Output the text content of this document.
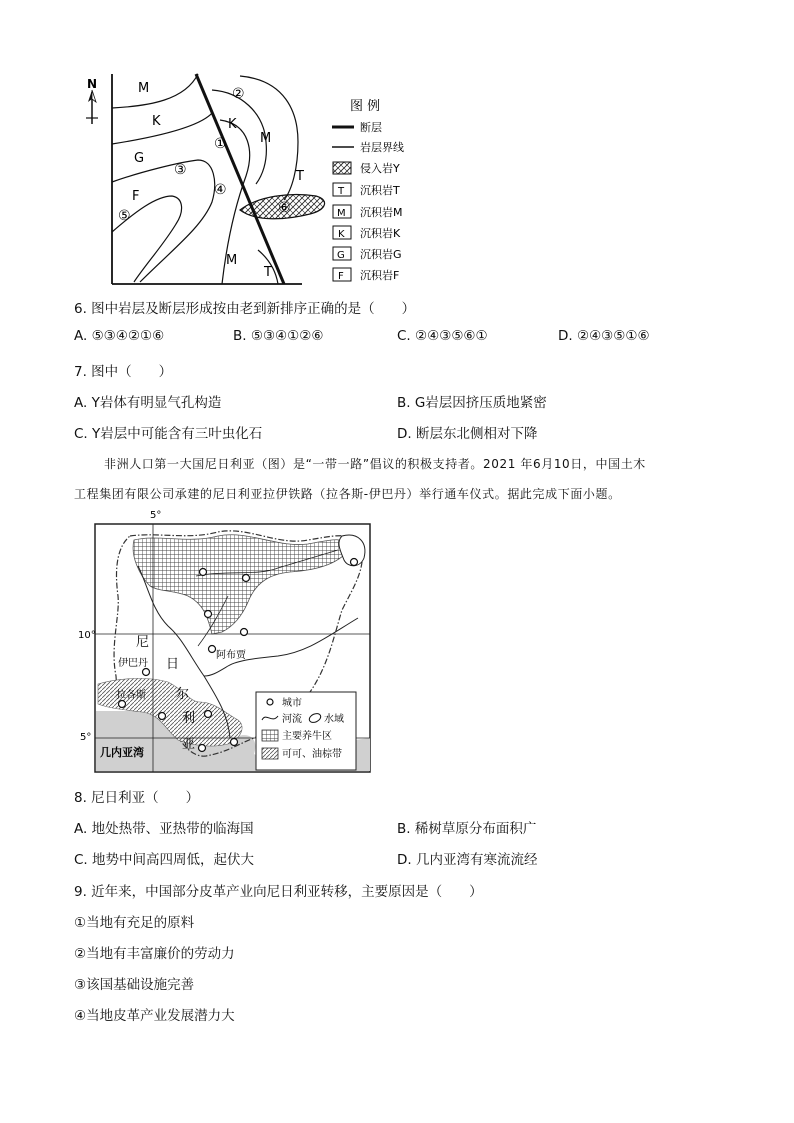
N	M
K
G
F
K
M
T
M
T
②
①
③
④
⑤	⑥
图 例
断层
岩层界线
侵入岩Y
T 沉积岩T
M 沉积岩M
K 沉积岩K
G 沉积岩G
F 沉积岩F
6. 图中岩层及断层形成按由老到新排序正确的是（　　）
A. ⑤③④②①⑥	B. ⑤③④①②⑥	C. ②④③⑤⑥①	D. ②④③⑤①⑥
7. 图中（　　）
A. Y岩体有明显气孔构造	B. G岩层因挤压质地紧密
C. Y岩层中可能含有三叶虫化石	D. 断层东北侧相对下降
非洲人口第一大国尼日利亚（图）是“一带一路”倡议的积极支持者。2021 年6月10日，中国土木
工程集团有限公司承建的尼日利亚拉伊铁路（拉各斯-伊巴丹）举行通车仪式。据此完成下面小题。
5°
10°
5°
尼
日
尔
利
亚
伊巴丹
拉各斯
阿布贾
几内亚湾
城市
河流 水域
主要养牛区
可可、油棕带
8. 尼日利亚（　　）
A. 地处热带、亚热带的临海国	B. 稀树草原分布面积广
C. 地势中间高四周低，起伏大	D. 几内亚湾有寒流流经
9. 近年来，中国部分皮革产业向尼日利亚转移，主要原因是（　　）
①当地有充足的原料
②当地有丰富廉价的劳动力
③该国基础设施完善
④当地皮革产业发展潜力大
